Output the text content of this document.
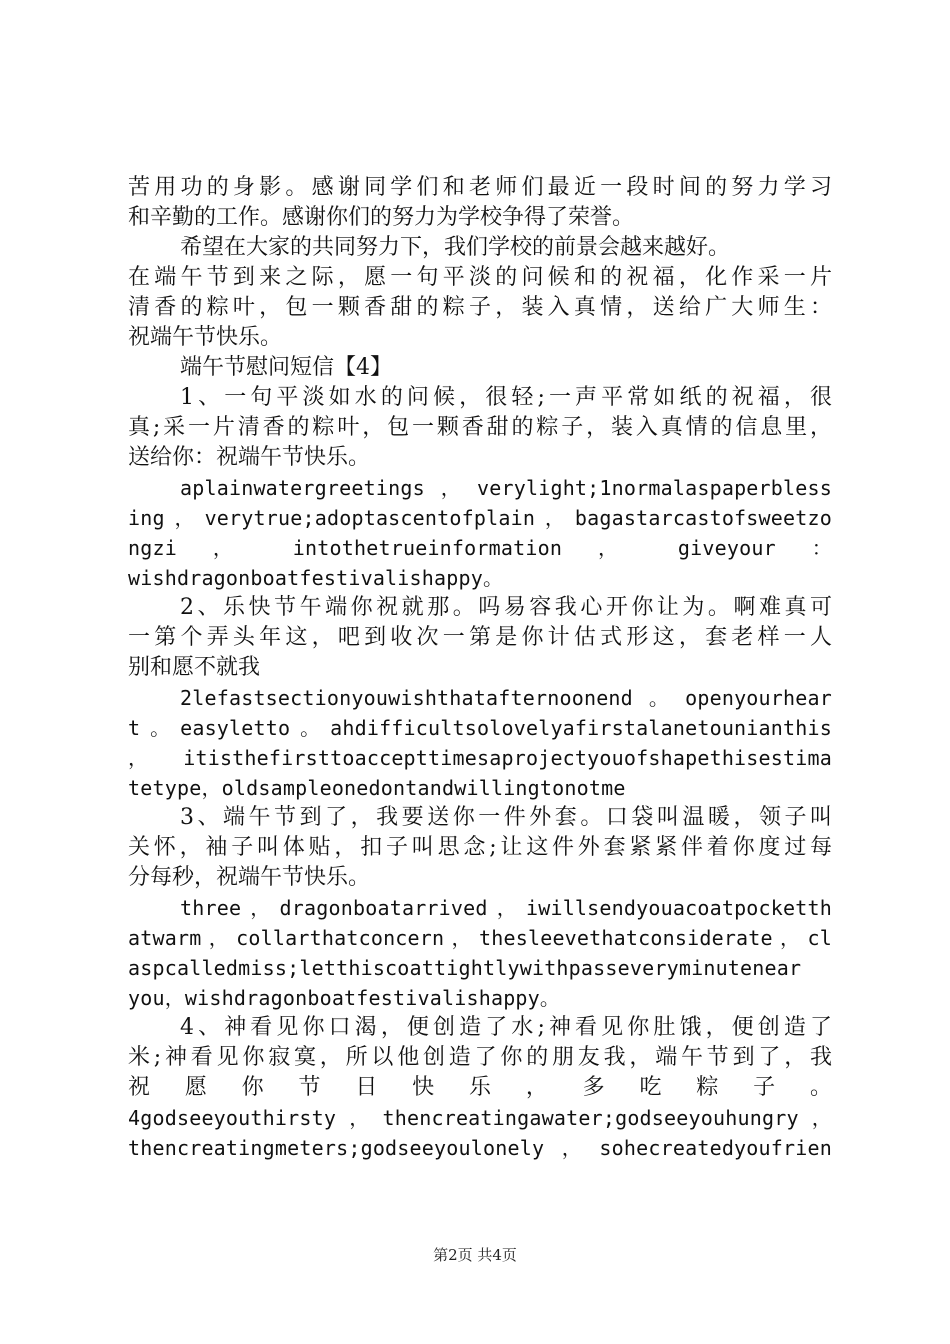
苦用功的身影。感谢同学们和老师们最近一段时间的努力学习
和辛勤的工作。感谢你们的努力为学校争得了荣誉。
希望在大家的共同努力下，我们学校的前景会越来越好。
在端午节到来之际，愿一句平淡的问候和的祝福，化作采一片
清香的粽叶，包一颗香甜的粽子，装入真情，送给广大师生：
祝端午节快乐。
端午节慰问短信【4】
1、一句平淡如水的问候，很轻;一声平常如纸的祝福，很
真;采一片清香的粽叶，包一颗香甜的粽子，装入真情的信息里，
送给你：祝端午节快乐。
aplainwatergreetings，verylight;1normalaspaperbless
ing，verytrue;adoptascentofplain，bagastarcastofsweetzo
ngzi ， intothetrueinformation ， giveyour ：
wishdragonboatfestivalishappy。
2、乐快节午端你祝就那。吗易容我心开你让为。啊难真可
一第个弄头年这，吧到收次一第是你计估式形这，套老样一人
别和愿不就我
2lefastsectionyouwishthatafternoonend。openyourhear
t。easyletto。ahdifficultsolovelyafirstalanetounianthis
，itisthefirsttoaccepttimesaprojectyouofshapethisestima
tetype，oldsampleonedontandwillingtonotme
3、端午节到了，我要送你一件外套。口袋叫温暖，领子叫
关怀，袖子叫体贴，扣子叫思念;让这件外套紧紧伴着你度过每
分每秒，祝端午节快乐。
three，dragonboatarrived，iwillsendyouacoatpocketth
atwarm，collarthatconcern，thesleevethatconsiderate，cl
aspcalledmiss;letthiscoattightlywithpasseveryminutenear
you，wishdragonboatfestivalishappy。
4、神看见你口渴，便创造了水;神看见你肚饿，便创造了
米;神看见你寂寞，所以他创造了你的朋友我，端午节到了，我
祝 愿 你 节 日 快 乐 ， 多 吃 粽 子 。
4godseeyouthirsty，thencreatingawater;godseeyouhungry，
thencreatingmeters;godseeyoulonely，sohecreatedyoufrien
第2页 共4页
